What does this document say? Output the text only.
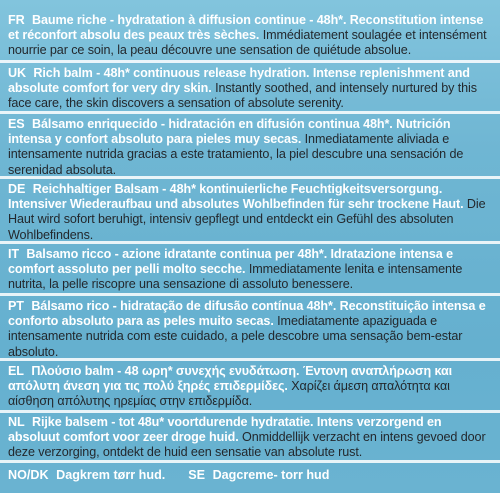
FR Baume riche - hydratation à diffusion continue - 48h*. Reconstitution intense et réconfort absolu des peaux très sèches. Immédiatement soulagée et intensément nourrie par ce soin, la peau découvre une sensation de quiétude absolue.
UK Rich balm - 48h* continuous release hydration. Intense replenishment and absolute comfort for very dry skin. Instantly soothed, and intensely nurtured by this face care, the skin discovers a sensation of absolute serenity.
ES Bálsamo enriquecido - hidratación en difusión continua 48h*. Nutrición intensa y confort absoluto para pieles muy secas. Inmediatamente aliviada e intensamente nutrida gracias a este tratamiento, la piel descubre una sensación de serenidad absoluta.
DE Reichhaltiger Balsam - 48h* kontinuierliche Feuchtigkeitsversorgung. Intensiver Wiederaufbau und absolutes Wohlbefinden für sehr trockene Haut. Die Haut wird sofort beruhigt, intensiv gepflegt und entdeckt ein Gefühl des absoluten Wohlbefindens.
IT Balsamo ricco - azione idratante continua per 48h*. Idratazione intensa e comfort assoluto per pelli molto secche. Immediatamente lenita e intensamente nutrita, la pelle riscopre una sensazione di assoluto benessere.
PT Bálsamo rico - hidratação de difusão contínua 48h*. Reconstituição intensa e conforto absoluto para as peles muito secas. Imediatamente apaziguada e intensamente nutrida com este cuidado, a pele descobre uma sensação bem-estar absoluto.
EL Πλούσιο balm - 48 ωρη* συνεχής ενυδάτωση. Έντονη αναπλήρωση και απόλυτη άνεση για τις πολύ ξηρές επιδερμίδες. Χαρίζει άμεση απαλότητα και αίσθηση απόλυτης ηρεμίας στην επιδερμίδα.
NL Rijke balsem - tot 48u* voortdurende hydratatie. Intens verzorgend en absoluut comfort voor zeer droge huid. Onmiddellijk verzacht en intens gevoed door deze verzorging, ontdekt de huid een sensatie van absolute rust.
NO/DK Dagkrem tørr hud. SE Dagcreme- torr hud
